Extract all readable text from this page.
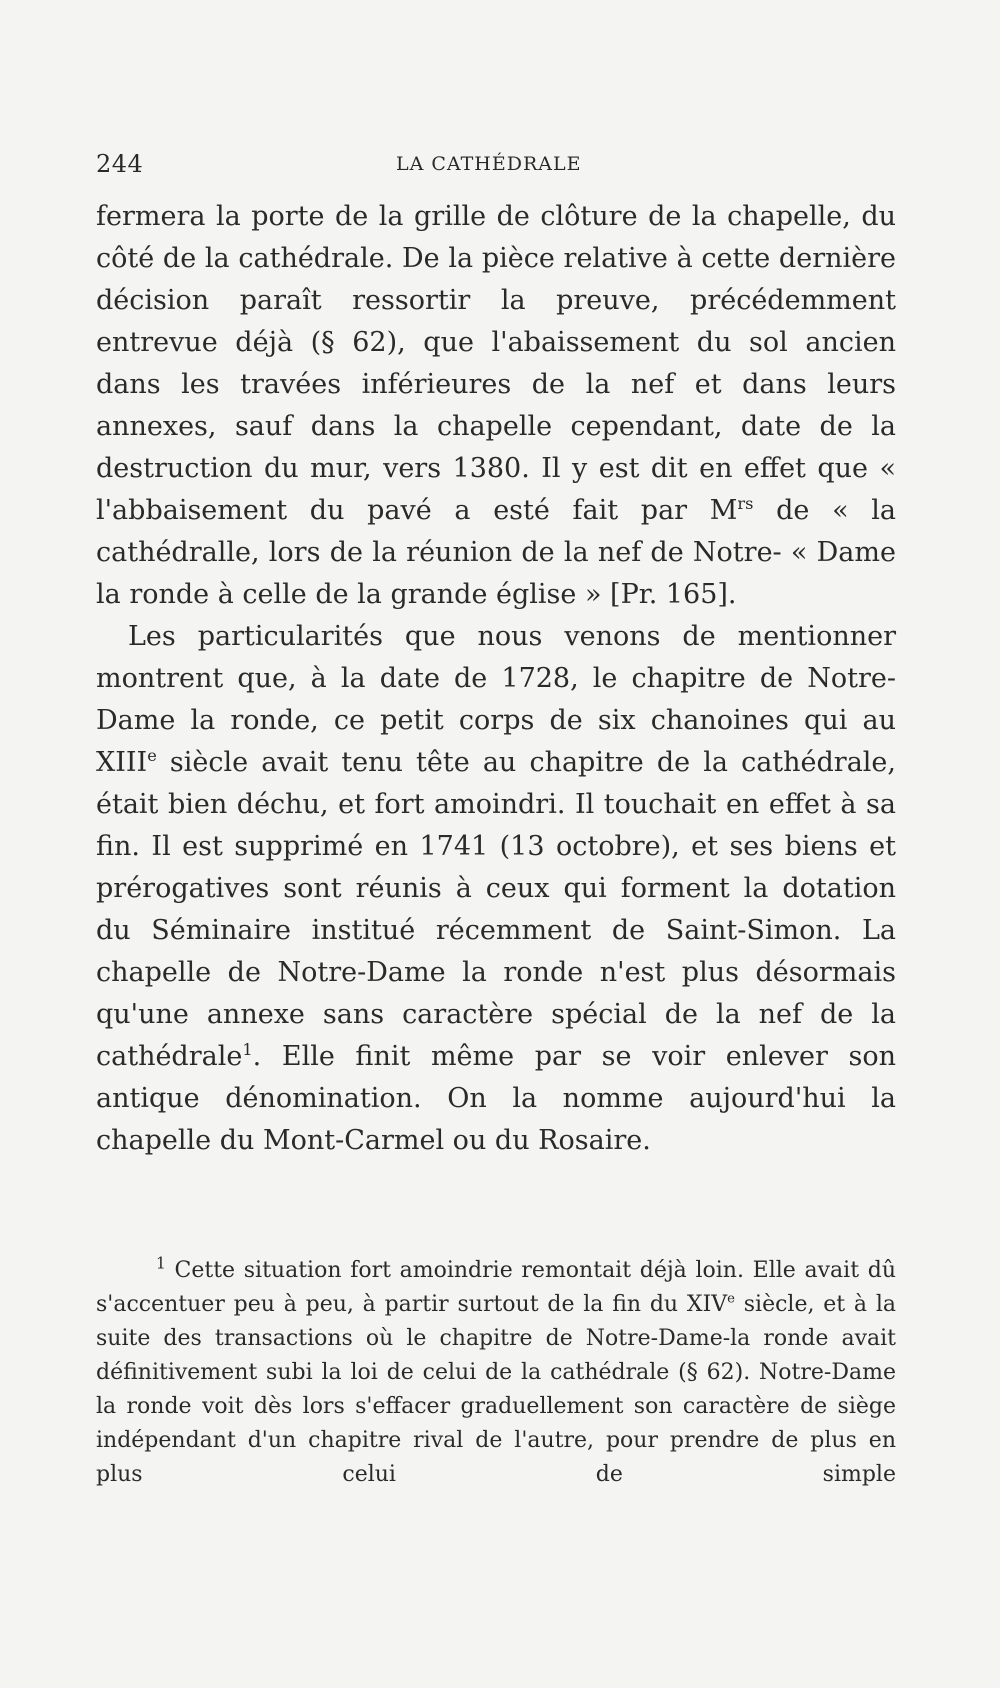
244	LA CATHÉDRALE

fermera la porte de la grille de clôture de la chapelle, du côté de la cathédrale. De la pièce relative à cette dernière décision paraît ressortir la preuve, précédemment entrevue déjà (§ 62), que l'abaissement du sol ancien dans les travées inférieures de la nef et dans leurs annexes, sauf dans la chapelle cependant, date de la destruction du mur, vers 1380. Il y est dit en effet que « l'abbaisement du pavé a esté fait par $M^{rs}$ de « la cathédralle, lors de la réunion de la nef de Notre- « Dame la ronde à celle de la grande église » [Pr. 165].

Les particularités que nous venons de mentionner montrent que, à la date de 1728, le chapitre de Notre-Dame la ronde, ce petit corps de six chanoines qui au XIIIe siècle avait tenu tête au chapitre de la cathédrale, était bien déchu, et fort amoindri. Il touchait en effet à sa fin. Il est supprimé en 1741 (13 octobre), et ses biens et prérogatives sont réunis à ceux qui forment la dotation du Séminaire institué récemment de Saint-Simon. La chapelle de Notre-Dame la ronde n'est plus désormais qu'une annexe sans caractère spécial de la nef de la cathédrale$^1$. Elle finit même par se voir enlever son antique dénomination. On la nomme aujourd'hui la chapelle du Mont-Carmel ou du Rosaire.

$^1$ Cette situation fort amoindrie remontait déjà loin. Elle avait dû s'accentuer peu à peu, à partir surtout de la fin du XIVe siècle, et à la suite des transactions où le chapitre de Notre-Dame-la ronde avait définitivement subi la loi de celui de la cathédrale (§ 62). Notre-Dame la ronde voit dès lors s'effacer graduellement son caractère de siège indépendant d'un chapitre rival de l'autre, pour prendre de plus en plus celui de simple
